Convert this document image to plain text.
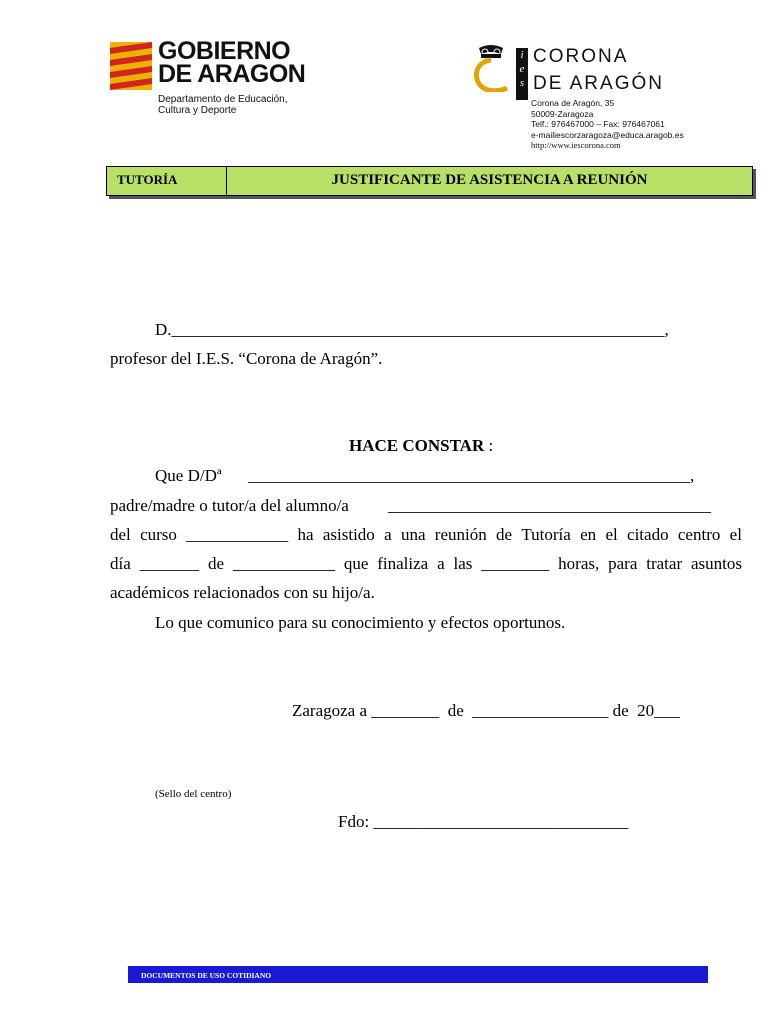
GOBIERNO
DE ARAGON
Departamento de Educación,
Cultura y Deporte
i
e
s
CORONA
DE ARAGÓN
Corona de Aragón, 35
50009-Zaragoza
Telf.: 976467000 – Fax: 976467061
e-mailiescorzaragoza@educa.aragob.es
http://www.iescorona.com
TUTORÍA	JUSTIFICANTE DE ASISTENCIA A REUNIÓN
D.__________________________________________________________,
profesor del I.E.S. “Corona de Aragón”.
HACE CONSTAR :
Que D/Dª ____________________________________________________,
padre/madre o tutor/a del alumno/a ______________________________________
del curso ____________ ha asistido a una reunión de Tutoría en el citado centro el
día _______ de ____________ que finaliza a las ________ horas, para tratar asuntos
académicos relacionados con su hijo/a.
Lo que comunico para su conocimiento y efectos oportunos.
Zaragoza a ________  de  ________________ de  20___
(Sello del centro)
Fdo: ______________________________
DOCUMENTOS DE USO COTIDIANO
